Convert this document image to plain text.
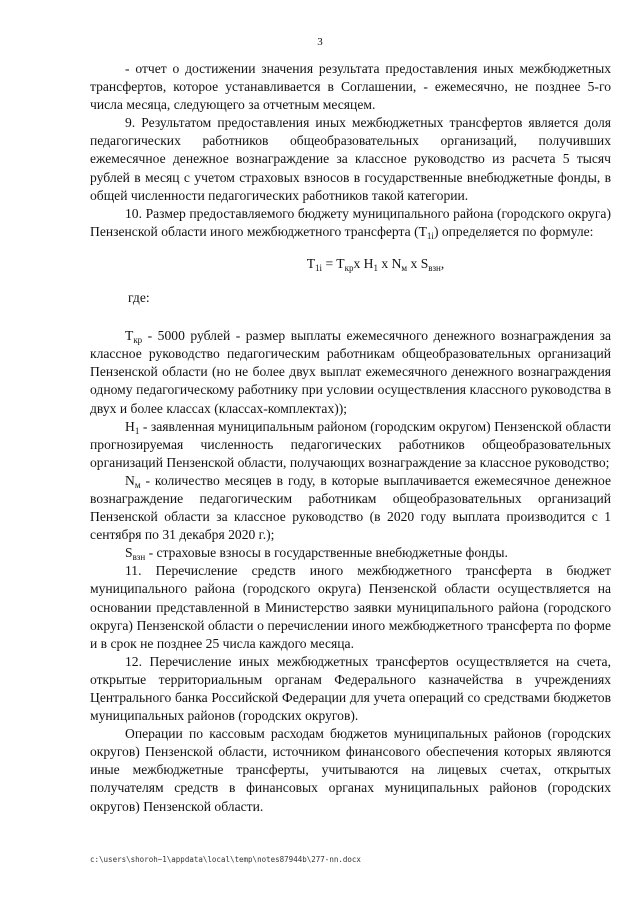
3

- отчет о достижении значения результата предоставления иных межбюджетных трансфертов, которое устанавливается в Соглашении, - ежемесячно, не позднее 5-го числа месяца, следующего за отчетным месяцем.

9. Результатом предоставления иных межбюджетных трансфертов является доля педагогических работников общеобразовательных организаций, получивших ежемесячное денежное вознаграждение за классное руководство из расчета 5 тысяч рублей в месяц с учетом страховых взносов в государственные внебюджетные фонды, в общей численности педагогических работников такой категории.

10. Размер предоставляемого бюджету муниципального района (городского округа) Пензенской области иного межбюджетного трансферта $(T_{1i})$ определяется по формуле:

$T_{1i} = T_{кр}x$ $H_1$ x $N_м$ x $S_{взн}$,

где:

$T_{кр} - 5000$ рублей - размер выплаты ежемесячного денежного вознаграждения за классное руководство педагогическим работникам общеобразовательных организаций Пензенской области (но не более двух выплат ежемесячного денежного вознаграждения одному педагогическому работнику при условии осуществления классного руководства в двух и более классах (классах-комплектах));

$H_1$ - заявленная муниципальным районом (городским округом) Пензенской области прогнозируемая численность педагогических работников общеобразовательных организаций Пензенской области, получающих вознаграждение за классное руководство;

$N_м$ - количество месяцев в году, в которые выплачивается ежемесячное денежное вознаграждение педагогическим работникам общеобразовательных организаций Пензенской области за классное руководство (в 2020 году выплата производится с 1 сентября по 31 декабря 2020 г.);

$S_{взн}$ - страховые взносы в государственные внебюджетные фонды.

11. Перечисление средств иного межбюджетного трансферта в бюджет муниципального района (городского округа) Пензенской области осуществляется на основании представленной в Министерство заявки муниципального района (городского округа) Пензенской области о перечислении иного межбюджетного трансферта по форме и в срок не позднее 25 числа каждого месяца.

12. Перечисление иных межбюджетных трансфертов осуществляется на счета, открытые территориальным органам Федерального казначейства в учреждениях Центрального банка Российской Федерации для учета операций со средствами бюджетов муниципальных районов (городских округов).

Операции по кассовым расходам бюджетов муниципальных районов (городских округов) Пензенской области, источником финансового обеспечения которых являются иные межбюджетные трансферты, учитываются на лицевых счетах, открытых получателям средств в финансовых органах муниципальных районов (городских округов) Пензенской области.

c:\users\shoroh~1\appdata\local\temp\notes87944b\277-nn.docx
